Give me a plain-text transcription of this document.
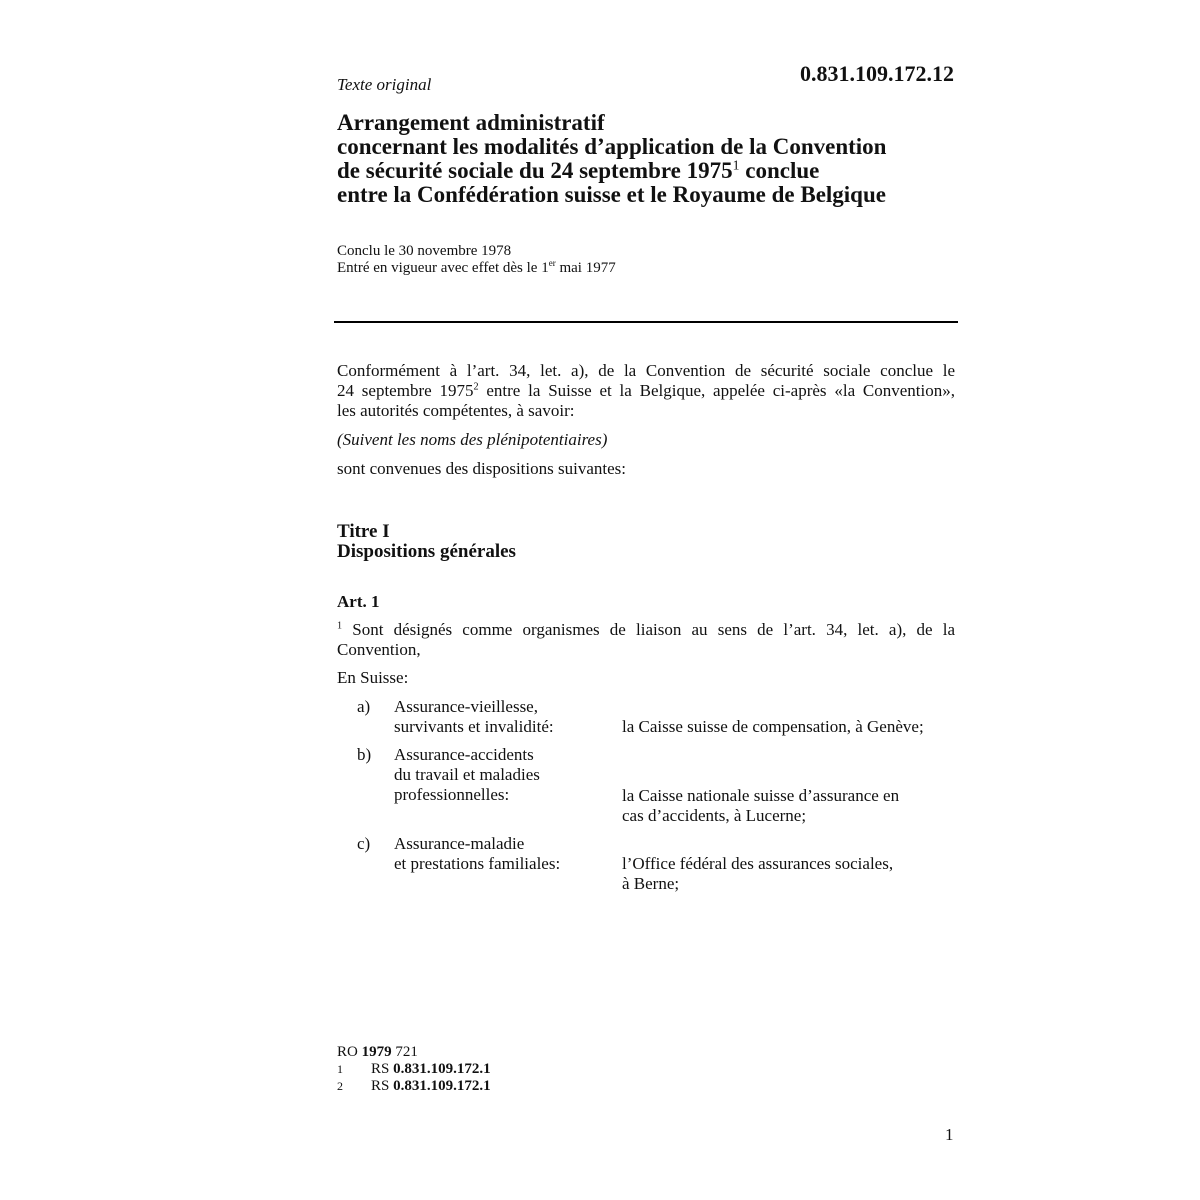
Texte original	0.831.109.172.12
Arrangement administratif
concernant les modalités d’application de la Convention
de sécurité sociale du 24 septembre 1975$^1$ conclue
entre la Confédération suisse et le Royaume de Belgique
Conclu le 30 novembre 1978
Entré en vigueur avec effet dès le 1er mai 1977
Conformément à l’art. 34, let. a), de la Convention de sécurité sociale conclue le
24 septembre 1975$^2$ entre la Suisse et la Belgique, appelée ci-après «la Convention»,
les autorités compétentes, à savoir:
(Suivent les noms des plénipotentiaires)
sont convenues des dispositions suivantes:
Titre I
Dispositions générales
Art. 1
$^1$ Sont désignés comme organismes de liaison au sens de l’art. 34, let. a), de la
Convention,
En Suisse:
a) Assurance-vieillesse,
survivants et invalidité:	la Caisse suisse de compensation, à Genève;
b) Assurance-accidents
du travail et maladies
professionnelles:	la Caisse nationale suisse d’assurance en
cas d’accidents, à Lucerne;
c) Assurance-maladie
et prestations familiales:	l’Office fédéral des assurances sociales,
à Berne;
RO 1979 721
1 RS 0.831.109.172.1
2 RS 0.831.109.172.1
1
